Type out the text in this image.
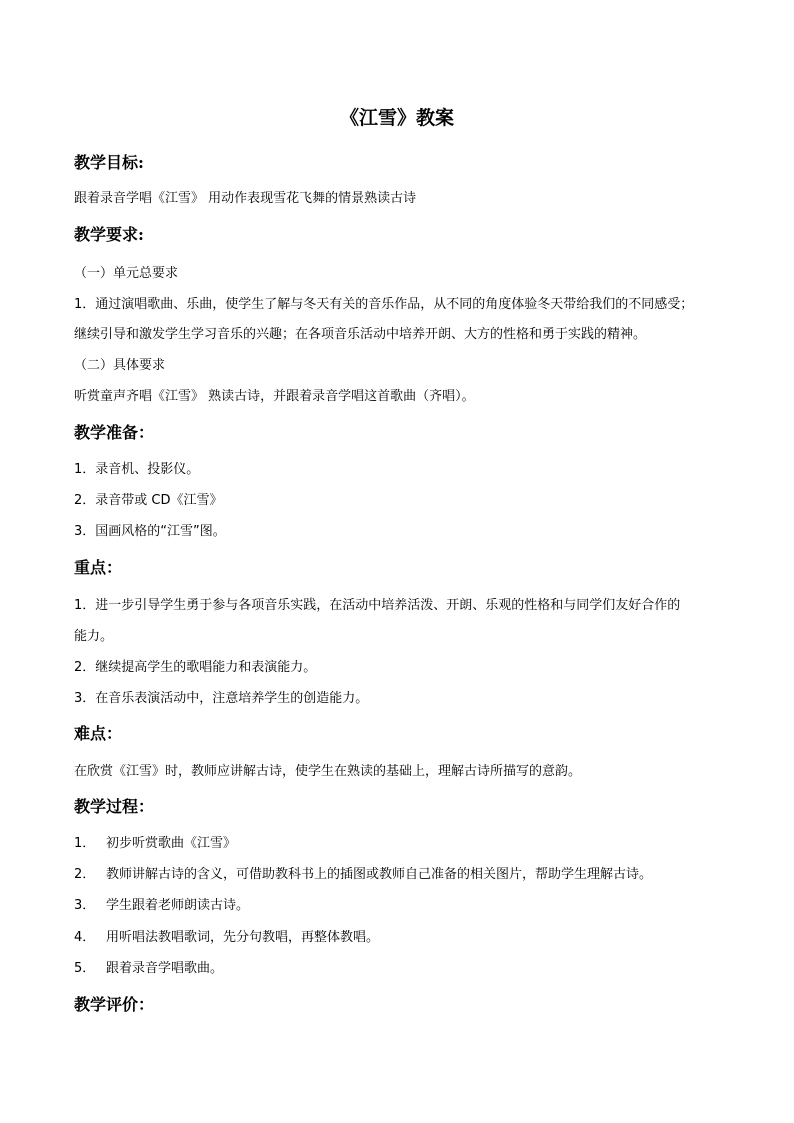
《江雪》教案
教学目标:
跟着录音学唱《江雪》 用动作表现雪花飞舞的情景熟读古诗
教学要求:
（一）单元总要求
1．通过演唱歌曲、乐曲，使学生了解与冬天有关的音乐作品，从不同的角度体验冬天带给我们的不同感受；
继续引导和激发学生学习音乐的兴趣；在各项音乐活动中培养开朗、大方的性格和勇于实践的精神。
（二）具体要求
听赏童声齐唱《江雪》 熟读古诗，并跟着录音学唱这首歌曲（齐唱）。
教学准备：
1．录音机、投影仪。
2．录音带或 CD《江雪》
3．国画风格的“江雪”图。
重点：
1．进一步引导学生勇于参与各项音乐实践，在活动中培养活泼、开朗、乐观的性格和与同学们友好合作的
能力。
2．继续提高学生的歌唱能力和表演能力。
3．在音乐表演活动中，注意培养学生的创造能力。
难点：
在欣赏《江雪》时，教师应讲解古诗，使学生在熟读的基础上，理解古诗所描写的意韵。
教学过程：
1． 初步听赏歌曲《江雪》
2． 教师讲解古诗的含义，可借助教科书上的插图或教师自己准备的相关图片，帮助学生理解古诗。
3． 学生跟着老师朗读古诗。
4． 用听唱法教唱歌词，先分句教唱，再整体教唱。
5． 跟着录音学唱歌曲。
教学评价：
